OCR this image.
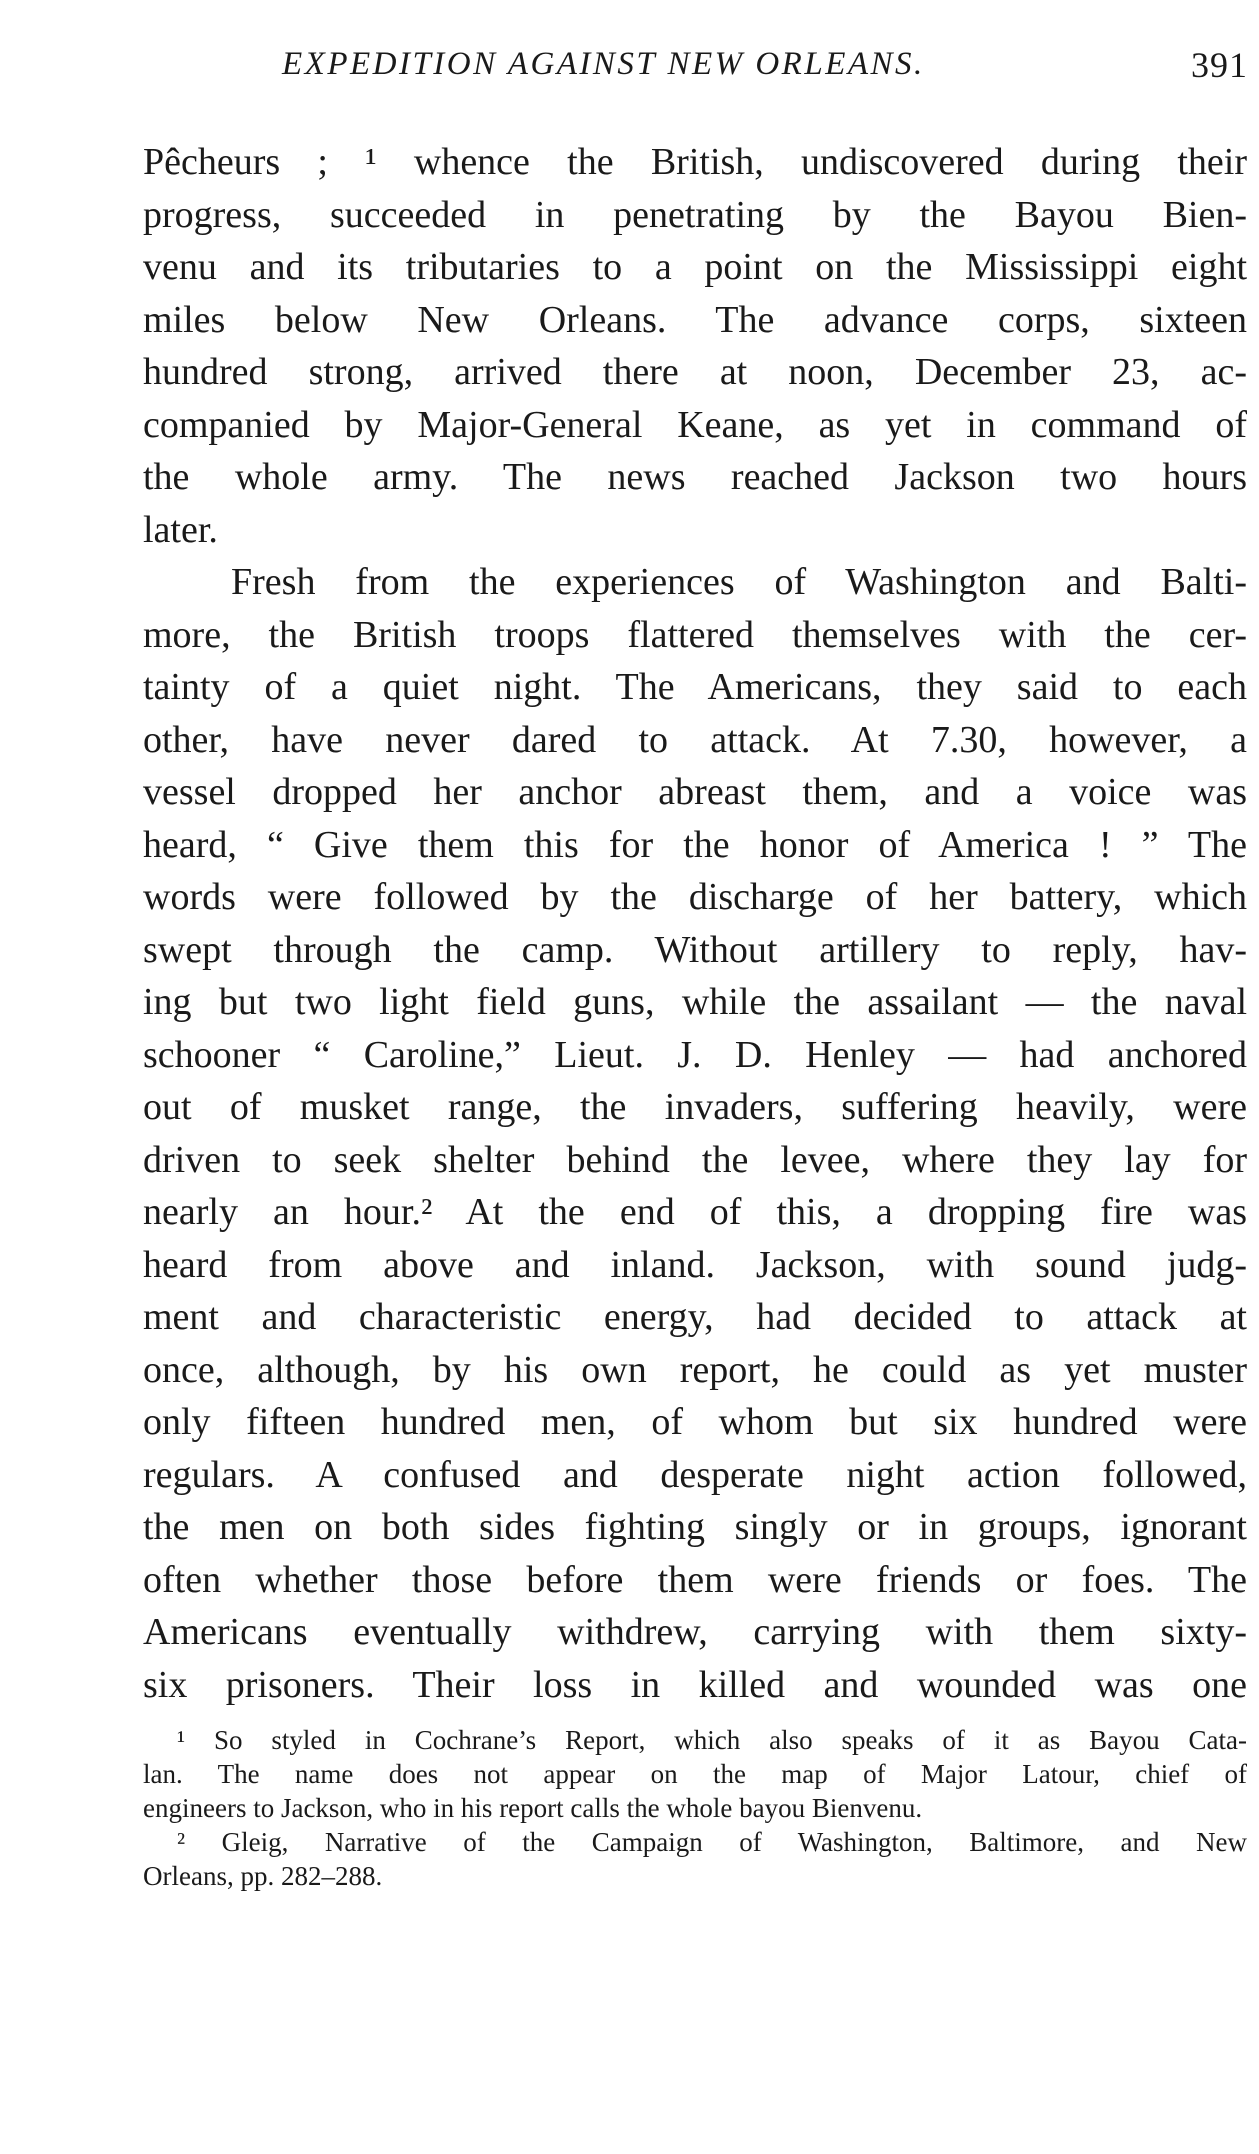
EXPEDITION AGAINST NEW ORLEANS.	391
Pêcheurs ; ¹ whence the British, undiscovered during their
progress, succeeded in penetrating by the Bayou Bien-
venu and its tributaries to a point on the Mississippi eight
miles below New Orleans. The advance corps, sixteen
hundred strong, arrived there at noon, December 23, ac-
companied by Major-General Keane, as yet in command of
the whole army. The news reached Jackson two hours
later.
Fresh from the experiences of Washington and Balti-
more, the British troops flattered themselves with the cer-
tainty of a quiet night. The Americans, they said to each
other, have never dared to attack. At 7.30, however, a
vessel dropped her anchor abreast them, and a voice was
heard, “ Give them this for the honor of America ! ” The
words were followed by the discharge of her battery, which
swept through the camp. Without artillery to reply, hav-
ing but two light field guns, while the assailant — the naval
schooner “ Caroline,” Lieut. J. D. Henley — had anchored
out of musket range, the invaders, suffering heavily, were
driven to seek shelter behind the levee, where they lay for
nearly an hour.² At the end of this, a dropping fire was
heard from above and inland. Jackson, with sound judg-
ment and characteristic energy, had decided to attack at
once, although, by his own report, he could as yet muster
only fifteen hundred men, of whom but six hundred were
regulars. A confused and desperate night action followed,
the men on both sides fighting singly or in groups, ignorant
often whether those before them were friends or foes. The
Americans eventually withdrew, carrying with them sixty-
six prisoners. Their loss in killed and wounded was one
¹ So styled in Cochrane’s Report, which also speaks of it as Bayou Cata-
lan. The name does not appear on the map of Major Latour, chief of
engineers to Jackson, who in his report calls the whole bayou Bienvenu.
² Gleig, Narrative of the Campaign of Washington, Baltimore, and New
Orleans, pp. 282–288.
